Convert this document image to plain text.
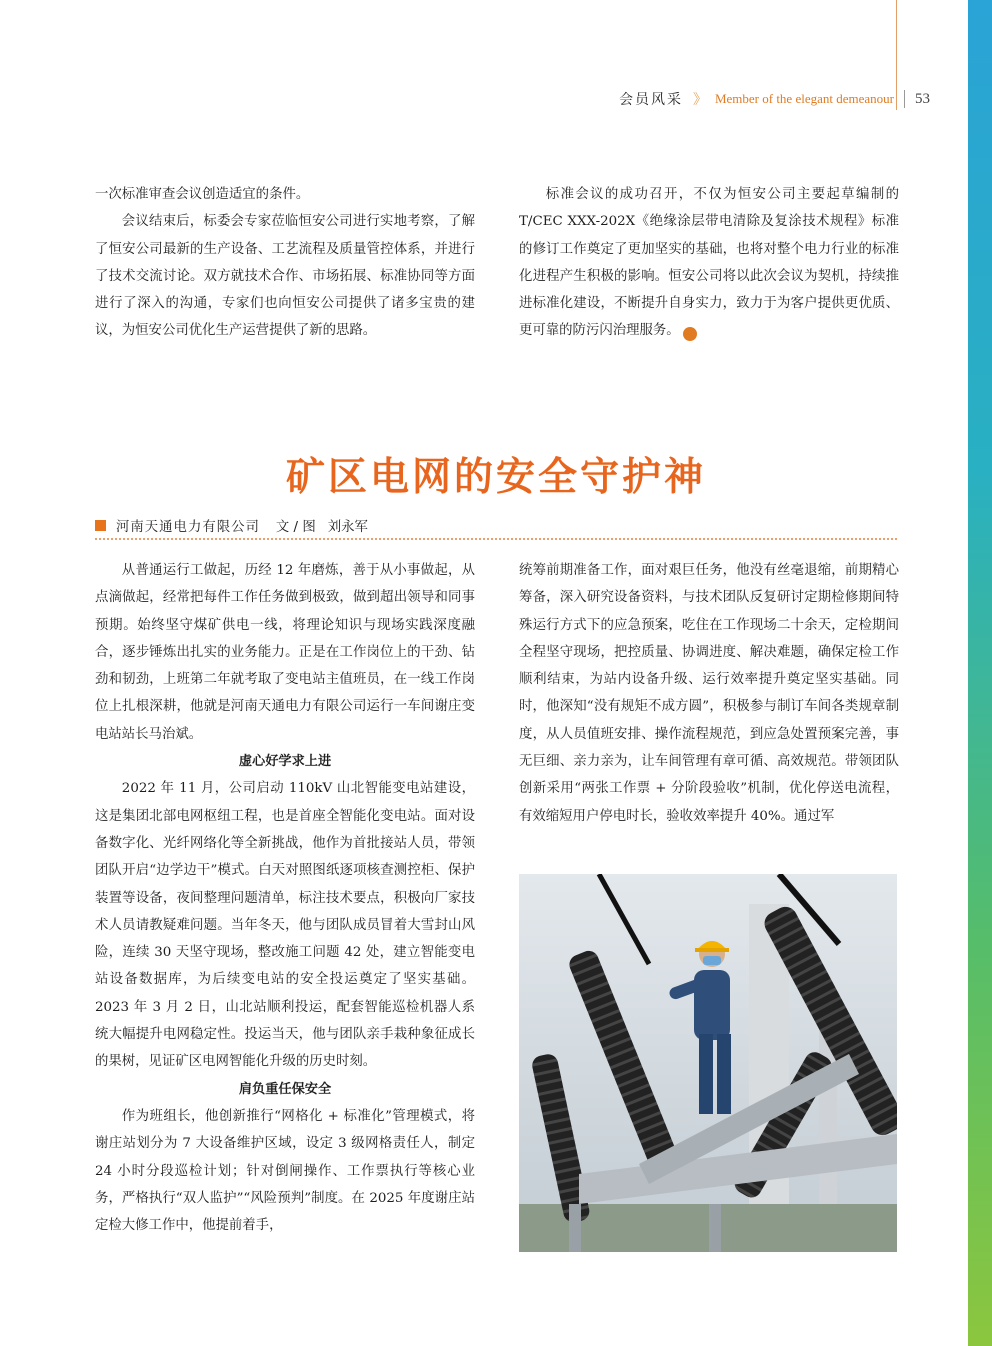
会员风采 》 Member of the elegant demeanour 53

一次标准审查会议创造适宜的条件。

会议结束后，标委会专家莅临恒安公司进行实地考察，了解了恒安公司最新的生产设备、工艺流程及质量管控体系，并进行了技术交流讨论。双方就技术合作、市场拓展、标准协同等方面进行了深入的沟通，专家们也向恒安公司提供了诸多宝贵的建议，为恒安公司优化生产运营提供了新的思路。

标准会议的成功召开，不仅为恒安公司主要起草编制的 T/CEC XXX-202X《绝缘涂层带电清除及复涂技术规程》标准的修订工作奠定了更加坚实的基础，也将对整个电力行业的标准化进程产生积极的影响。恒安公司将以此次会议为契机，持续推进标准化建设，不断提升自身实力，致力于为客户提供更优质、更可靠的防污闪治理服务。	©

矿区电网的安全守护神
河南天通电力有限公司 文 / 图 刘永军

从普通运行工做起，历经 12 年磨炼，善于从小事做起，从点滴做起，经常把每件工作任务做到极致，做到超出领导和同事预期。始终坚守煤矿供电一线，将理论知识与现场实践深度融合，逐步锤炼出扎实的业务能力。正是在工作岗位上的干劲、钻劲和韧劲，上班第二年就考取了变电站主值班员，在一线工作岗位上扎根深耕，他就是河南天通电力有限公司运行一车间谢庄变电站站长马治斌。

虚心好学求上进

2022 年 11 月，公司启动 110kV 山北智能变电站建设，这是集团北部电网枢纽工程，也是首座全智能化变电站。面对设备数字化、光纤网络化等全新挑战，他作为首批接站人员，带领团队开启“边学边干”模式。白天对照图纸逐项核查测控柜、保护装置等设备，夜间整理问题清单，标注技术要点，积极向厂家技术人员请教疑难问题。当年冬天，他与团队成员冒着大雪封山风险，连续 30 天坚守现场，整改施工问题 42 处，建立智能变电站设备数据库，为后续变电站的安全投运奠定了坚实基础。2023 年 3 月 2 日，山北站顺利投运，配套智能巡检机器人系统大幅提升电网稳定性。投运当天，他与团队亲手栽种象征成长的果树，见证矿区电网智能化升级的历史时刻。

肩负重任保安全

作为班组长，他创新推行“网格化 + 标准化”管理模式，将谢庄站划分为 7 大设备维护区域，设定 3 级网格责任人，制定 24 小时分段巡检计划；针对倒闸操作、工作票执行等核心业务，严格执行“双人监护”“风险预判”制度。在 2025 年度谢庄站定检大修工作中，他提前着手，

统筹前期准备工作，面对艰巨任务，他没有丝毫退缩，前期精心筹备，深入研究设备资料，与技术团队反复研讨定期检修期间特殊运行方式下的应急预案，吃住在工作现场二十余天，定检期间全程坚守现场，把控质量、协调进度、解决难题，确保定检工作顺利结束，为站内设备升级、运行效率提升奠定坚实基础。同时，他深知“没有规矩不成方圆”，积极参与制订车间各类规章制度，从人员值班安排、操作流程规范，到应急处置预案完善，事无巨细、亲力亲为，让车间管理有章可循、高效规范。带领团队创新采用“两张工作票 + 分阶段验收”机制，优化停送电流程，有效缩短用户停电时长，验收效率提升 40%。通过军
